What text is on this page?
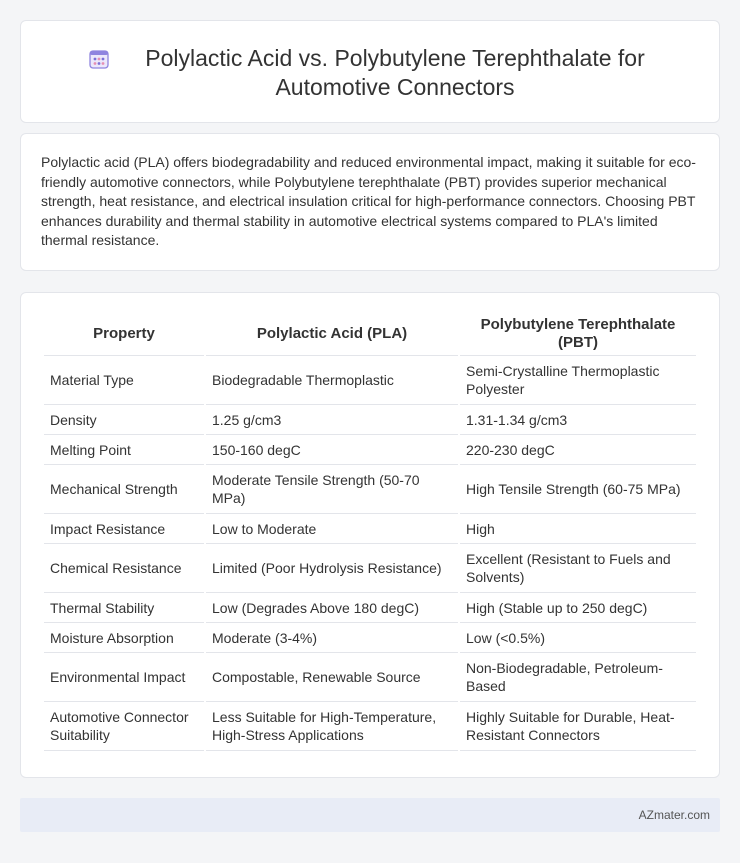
Polylactic Acid vs. Polybutylene Terephthalate for Automotive Connectors

Polylactic acid (PLA) offers biodegradability and reduced environmental impact, making it suitable for eco-friendly automotive connectors, while Polybutylene terephthalate (PBT) provides superior mechanical strength, heat resistance, and electrical insulation critical for high-performance connectors. Choosing PBT enhances durability and thermal stability in automotive electrical systems compared to PLA's limited thermal resistance.

Property	Polylactic Acid (PLA)	Polybutylene Terephthalate (PBT)
Material Type	Biodegradable Thermoplastic	Semi-Crystalline Thermoplastic Polyester
Density	1.25 g/cm3	1.31-1.34 g/cm3
Melting Point	150-160 degC	220-230 degC
Mechanical Strength	Moderate Tensile Strength (50-70 MPa)	High Tensile Strength (60-75 MPa)
Impact Resistance	Low to Moderate	High
Chemical Resistance	Limited (Poor Hydrolysis Resistance)	Excellent (Resistant to Fuels and Solvents)
Thermal Stability	Low (Degrades Above 180 degC)	High (Stable up to 250 degC)
Moisture Absorption	Moderate (3-4%)	Low (<0.5%)
Environmental Impact	Compostable, Renewable Source	Non-Biodegradable, Petroleum-Based
Automotive Connector Suitability	Less Suitable for High-Temperature, High-Stress Applications	Highly Suitable for Durable, Heat-Resistant Connectors
AZmater.com
